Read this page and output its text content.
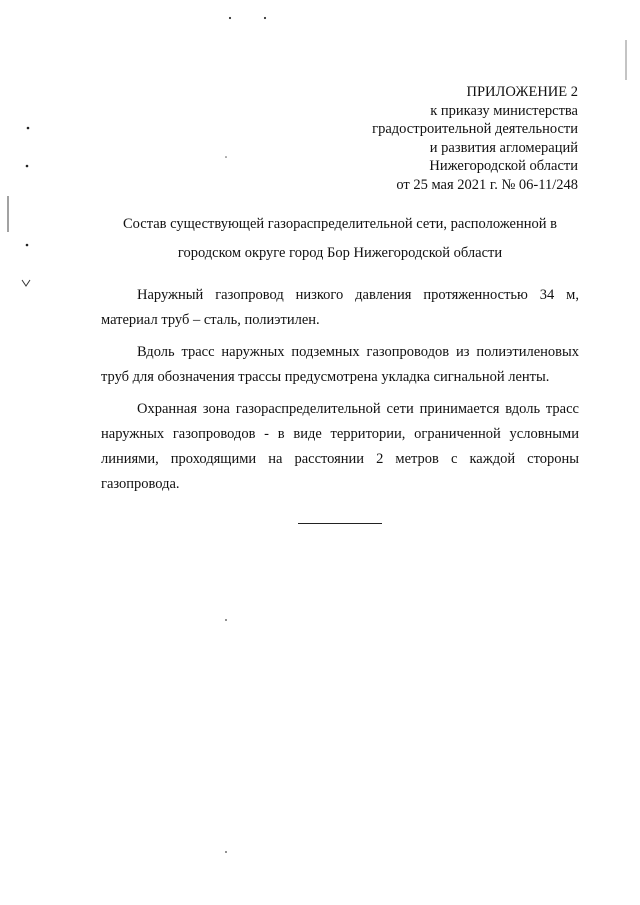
ПРИЛОЖЕНИЕ 2
к приказу министерства
градостроительной деятельности
и развития агломераций
Нижегородской области
от 25 мая 2021 г. № 06-11/248
Состав существующей газораспределительной сети, расположенной в
городском округе город Бор Нижегородской области

Наружный газопровод низкого давления протяженностью 34 м, материал труб – сталь, полиэтилен.

Вдоль трасс наружных подземных газопроводов из полиэтиленовых труб для обозначения трассы предусмотрена укладка сигнальной ленты.

Охранная зона газораспределительной сети принимается вдоль трасс наружных газопроводов - в виде территории, ограниченной условными линиями, проходящими на расстоянии 2 метров с каждой стороны газопровода.
